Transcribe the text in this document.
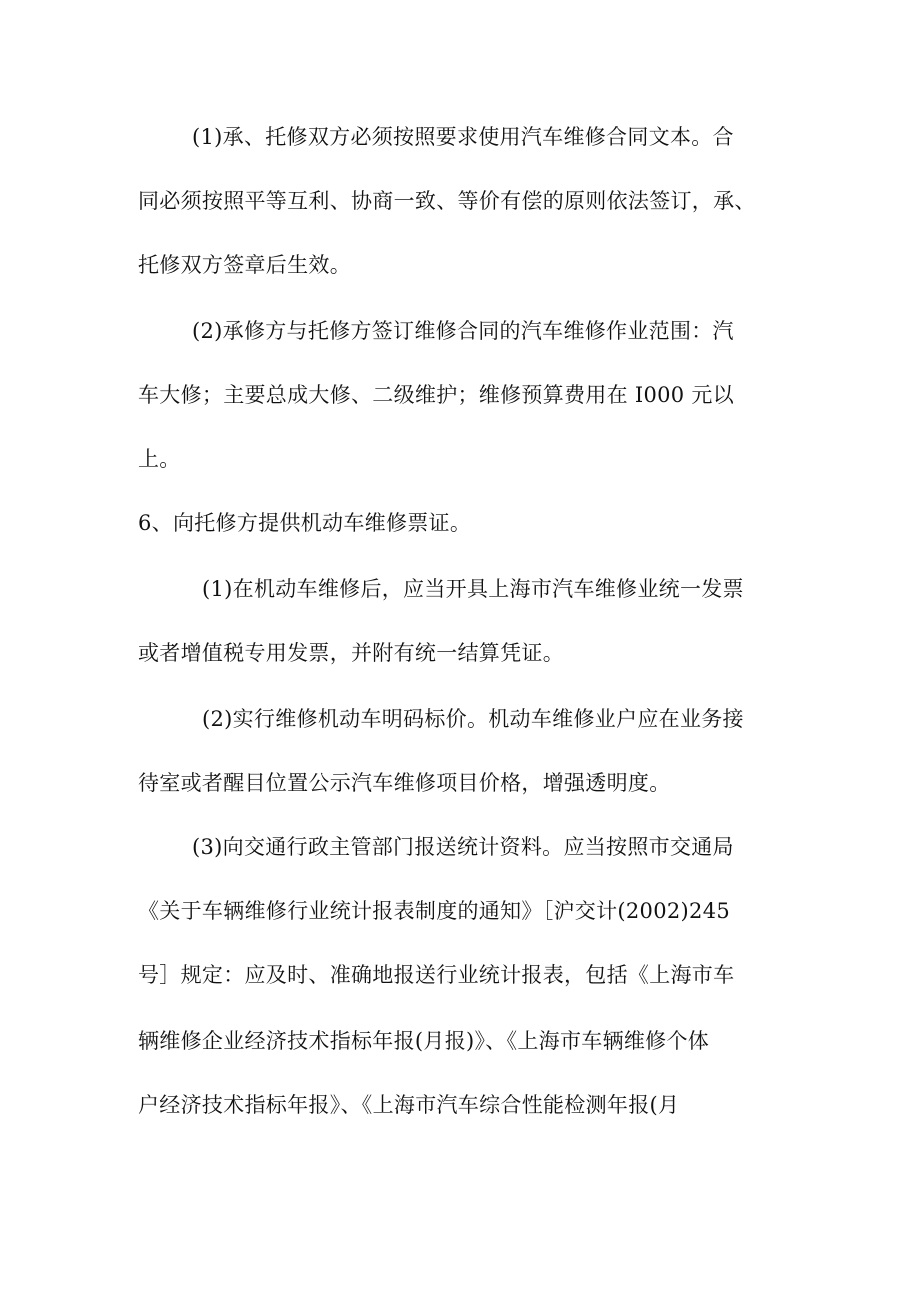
(1)承、托修双方必须按照要求使用汽车维修合同文本。合
同必须按照平等互利、协商一致、等价有偿的原则依法签订，承、
托修双方签章后生效。
(2)承修方与托修方签订维修合同的汽车维修作业范围：汽
车大修；主要总成大修、二级维护；维修预算费用在 I000 元以
上。
6、向托修方提供机动车维修票证。
(1)在机动车维修后，应当开具上海市汽车维修业统一发票
或者增值税专用发票，并附有统一结算凭证。
(2)实行维修机动车明码标价。机动车维修业户应在业务接
待室或者醒目位置公示汽车维修项目价格，增强透明度。
(3)向交通行政主管部门报送统计资料。应当按照市交通局
《关于车辆维修行业统计报表制度的通知》［沪交计(2002)245
号］规定：应及时、准确地报送行业统计报表，包括《上海市车
辆维修企业经济技术指标年报(月报)》、《上海市车辆维修个体
户经济技术指标年报》、《上海市汽车综合性能检测年报(月
